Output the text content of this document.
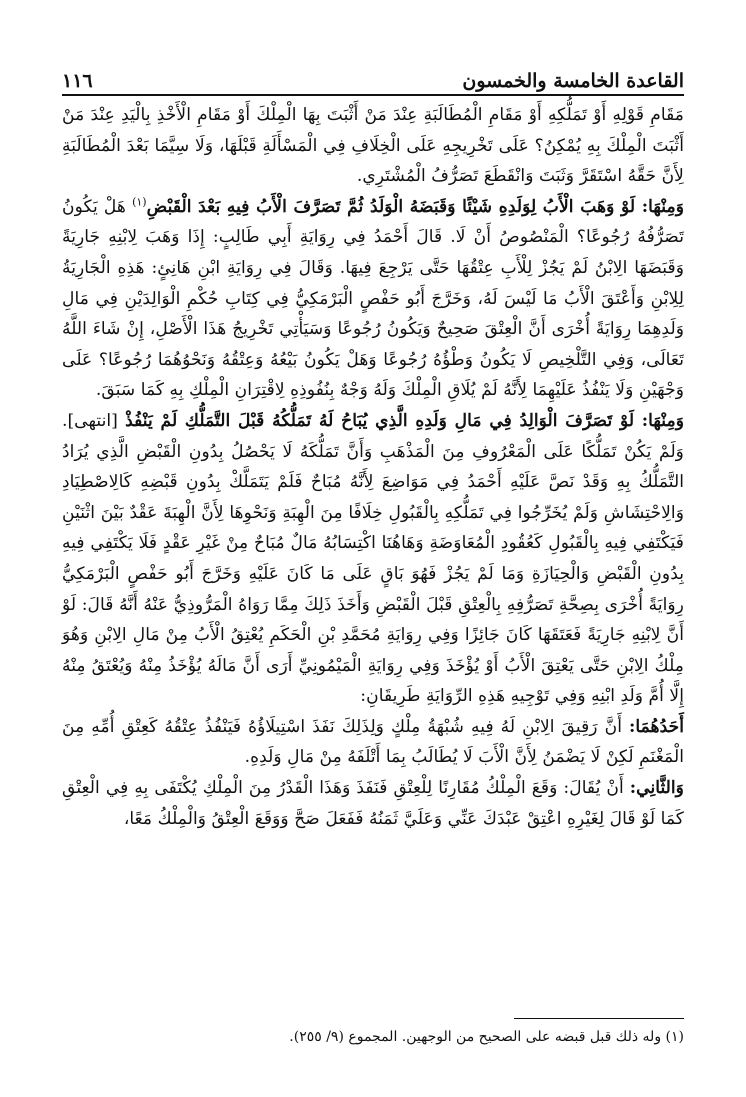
١١٦	القاعدة الخامسة والخمسون

مَقَامِ قَوْلِهِ أَوْ تَمَلُّكِهِ أَوْ مَقَامِ الْمُطَالَبَةِ عِنْدَ مَنْ أَثْبَتَ بِهَا الْمِلْكَ أَوْ مَقَامِ الْأَخْذِ بِالْيَدِ عِنْدَ مَنْ أَثْبَتَ الْمِلْكَ بِهِ يُمْكِنُ؟ عَلَى تَخْرِيجِهِ عَلَى الْخِلَافِ فِي الْمَسْأَلَةِ قَبْلَهَا، وَلَا سِيَّمَا بَعْدَ الْمُطَالَبَةِ لِأَنَّ حَقَّهُ اسْتَقَرَّ وَثَبَتَ وَانْقَطَعَ تَصَرُّفُ الْمُشْتَرِي.

وَمِنْهَا: لَوْ وَهَبَ الْأَبُ لِوَلَدِهِ شَيْئًا وَقَبَضَهُ الْوَلَدُ ثُمَّ تَصَرَّفَ الْأَبُ فِيهِ بَعْدَ الْقَبْضِ$^{(١)}$ هَلْ يَكُونُ تَصَرُّفُهُ رُجُوعًا؟ الْمَنْصُوصُ أَنْ لَا. قَالَ أَحْمَدُ فِي رِوَايَةِ أَبِي طَالِبٍ: إِذَا وَهَبَ لِابْنِهِ جَارِيَةً وَقَبَضَهَا الِابْنُ لَمْ يَجُزْ لِلْأَبِ عِتْقُهَا حَتَّى يَرْجِعَ فِيهَا. وَقَالَ فِي رِوَايَةِ ابْنِ هَانِئٍ: هَذِهِ الْجَارِيَةُ لِلِابْنِ وَأَعْتَقَ الْأَبُ مَا لَيْسَ لَهُ، وَخَرَّجَ أَبُو حَفْصٍ الْبَرْمَكِيُّ فِي كِتَابِ حُكْمِ الْوَالِدَيْنِ فِي مَالِ وَلَدِهِمَا رِوَايَةً أُخْرَى أَنَّ الْعِتْقَ صَحِيحٌ وَيَكُونُ رُجُوعًا وَسَيَأْتِي تَخْرِيجُ هَذَا الْأَصْلِ، إِنْ شَاءَ اللَّهُ تَعَالَى، وَفِي التَّلْخِيصِ لَا يَكُونُ وَطْؤُهُ رُجُوعًا وَهَلْ يَكُونُ بَيْعُهُ وَعِتْقُهُ وَنَحْوُهُمَا رُجُوعًا؟ عَلَى وَجْهَيْنِ وَلَا يَنْفُذُ عَلَيْهِمَا لِأَنَّهُ لَمْ يُلَاقِ الْمِلْكَ وَلَهُ وَجْهٌ بِنُفُوذِهِ لِاقْتِرَانِ الْمِلْكِ بِهِ كَمَا سَبَقَ.

وَمِنْهَا: لَوْ تَصَرَّفَ الْوَالِدُ فِي مَالِ وَلَدِهِ الَّذِي يُبَاحُ لَهُ تَمَلُّكُهُ قَبْلَ التَّمَلُّكِ لَمْ يَنْفُذْ [انتهى]. وَلَمْ يَكُنْ تَمَلُّكًا عَلَى الْمَعْرُوفِ مِنَ الْمَذْهَبِ وَأَنَّ تَمَلُّكَهُ لَا يَحْصُلُ بِدُونِ الْقَبْضِ الَّذِي يُرَادُ التَّمَلُّكُ بِهِ وَقَدْ نَصَّ عَلَيْهِ أَحْمَدُ فِي مَوَاضِعَ لِأَنَّهُ مُبَاحٌ فَلَمْ يَتَمَلَّكْ بِدُونِ قَبْضِهِ كَالِاصْطِيَادِ وَالِاحْتِشَاشِ وَلَمْ يُخَرِّجُوا فِي تَمَلُّكِهِ بِالْقَبُولِ خِلَافًا مِنَ الْهِبَةِ وَنَحْوِهَا لِأَنَّ الْهِبَةَ عَقْدٌ بَيْنَ اثْنَيْنِ فَيَكْتَفِي فِيهِ بِالْقَبُولِ كَعُقُودِ الْمُعَاوَضَةِ وَهَاهُنَا اكْتِسَابُهُ مَالٌ مُبَاحٌ مِنْ غَيْرِ عَقْدٍ فَلَا يَكْتَفِي فِيهِ بِدُونِ الْقَبْضِ وَالْحِيَازَةِ وَمَا لَمْ يَجُزْ فَهُوَ بَاقٍ عَلَى مَا كَانَ عَلَيْهِ وَخَرَّجَ أَبُو حَفْصٍ الْبَرْمَكِيُّ رِوَايَةً أُخْرَى بِصِحَّةِ تَصَرُّفِهِ بِالْعِتْقِ قَبْلَ الْقَبْضِ وَأَخَذَ ذَلِكَ مِمَّا رَوَاهُ الْمَرُّوذِيُّ عَنْهُ أَنَّهُ قَالَ: لَوْ أَنَّ لِابْنِهِ جَارِيَةً فَعَتَقَهَا كَانَ جَائِزًا وَفِي رِوَايَةِ مُحَمَّدِ بْنِ الْحَكَمِ يُعْتِقُ الْأَبُ مِنْ مَالِ الِابْنِ وَهُوَ مِلْكُ الِابْنِ حَتَّى يَعْتِقَ الْأَبُ أَوْ يُؤْخَذَ وَفِي رِوَايَةِ الْمَيْمُونِيِّ أَرَى أَنَّ مَالَهُ يُؤْخَذُ مِنْهُ وَيُعْتَقُ مِنْهُ إِلَّا أُمَّ وَلَدِ ابْنِهِ وَفِي تَوْجِيهِ هَذِهِ الرِّوَايَةِ طَرِيقَانِ:

أَحَدُهُمَا: أَنَّ رَقِيقَ الِابْنِ لَهُ فِيهِ شُبْهَةُ مِلْكٍ وَلِذَلِكَ نَفَذَ اسْتِيلَاؤُهُ فَيَنْفُذُ عِتْقُهُ كَعِتْقِ أُمِّهِ مِنَ الْمَغْنَمِ لَكِنْ لَا يَضْمَنُ لِأَنَّ الْأَبَ لَا يُطَالَبُ بِمَا أَتْلَفَهُ مِنْ مَالِ وَلَدِهِ.

وَالثَّانِي: أَنْ يُقَالَ: وَقَعَ الْمِلْكُ مُقَارِنًا لِلْعِتْقِ فَنَفَذَ وَهَذَا الْقَدْرُ مِنَ الْمِلْكِ يُكْتَفَى بِهِ فِي الْعِتْقِ كَمَا لَوْ قَالَ لِغَيْرِهِ اعْتِقْ عَبْدَكَ عَنِّي وَعَلَيَّ ثَمَنُهُ فَفَعَلَ صَحَّ وَوَقَعَ الْعِتْقُ وَالْمِلْكُ مَعًا،

(١) وله ذلك قبل قبضه على الصحيح من الوجهين. المجموع (٩/ ٢٥٥).
